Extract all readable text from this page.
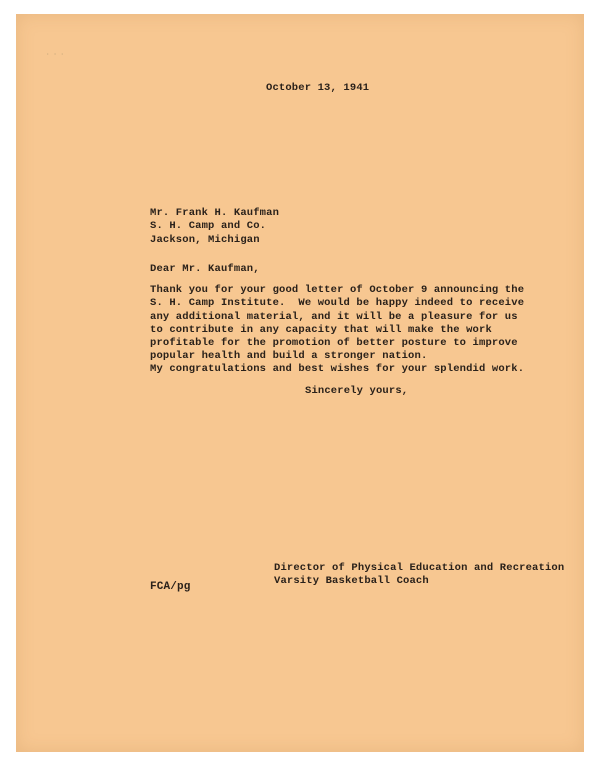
· · ·
October 13, 1941
Mr. Frank H. Kaufman
S. H. Camp and Co.
Jackson, Michigan
Dear Mr. Kaufman,
Thank you for your good letter of October 9 announcing the
S. H. Camp Institute.  We would be happy indeed to receive
any additional material, and it will be a pleasure for us
to contribute in any capacity that will make the work
profitable for the promotion of better posture to improve
popular health and build a stronger nation.
My congratulations and best wishes for your splendid work.
Sincerely yours,
Director of Physical Education and Recreation
Varsity Basketball Coach
FCA/pg
